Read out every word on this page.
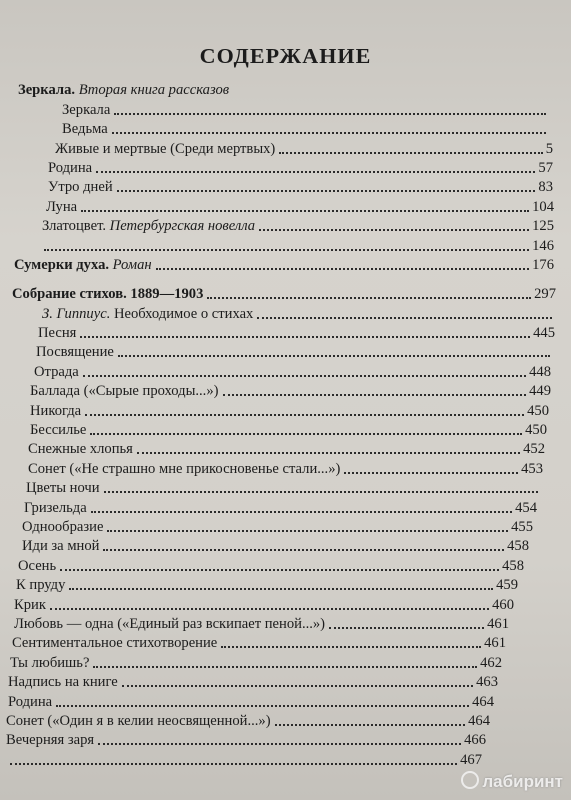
СОДЕРЖАНИЕ
Зеркала. Вторая книга рассказов
Зеркала
Ведьма
Живые и мертвые (Среди мертвых)	5
Родина	57
Утро дней	83
Луна	104
Златоцвет. Петербургская новелла	125
146
Сумерки духа. Роман	176
Собрание стихов. 1889—1903	297
З. Гиппиус. Необходимое о стихах
Песня	445
Посвящение
Отрада	448
Баллада («Сырые проходы...»)	449
Никогда	450
Бессилье	450
Снежные хлопья	452
Сонет («Не страшно мне прикосновенье стали...»)	453
Цветы ночи
Гризельда	454
Однообразие	455
Иди за мной	458
Осень	458
К пруду	459
Крик	460
Любовь — одна («Единый раз вскипает пеной...»)	461
Сентиментальное стихотворение	461
Ты любишь?	462
Надпись на книге	463
Родина	464
Сонет («Один я в келии неосвященной...»)	464
Вечерняя заря	466
467
лабиринт
